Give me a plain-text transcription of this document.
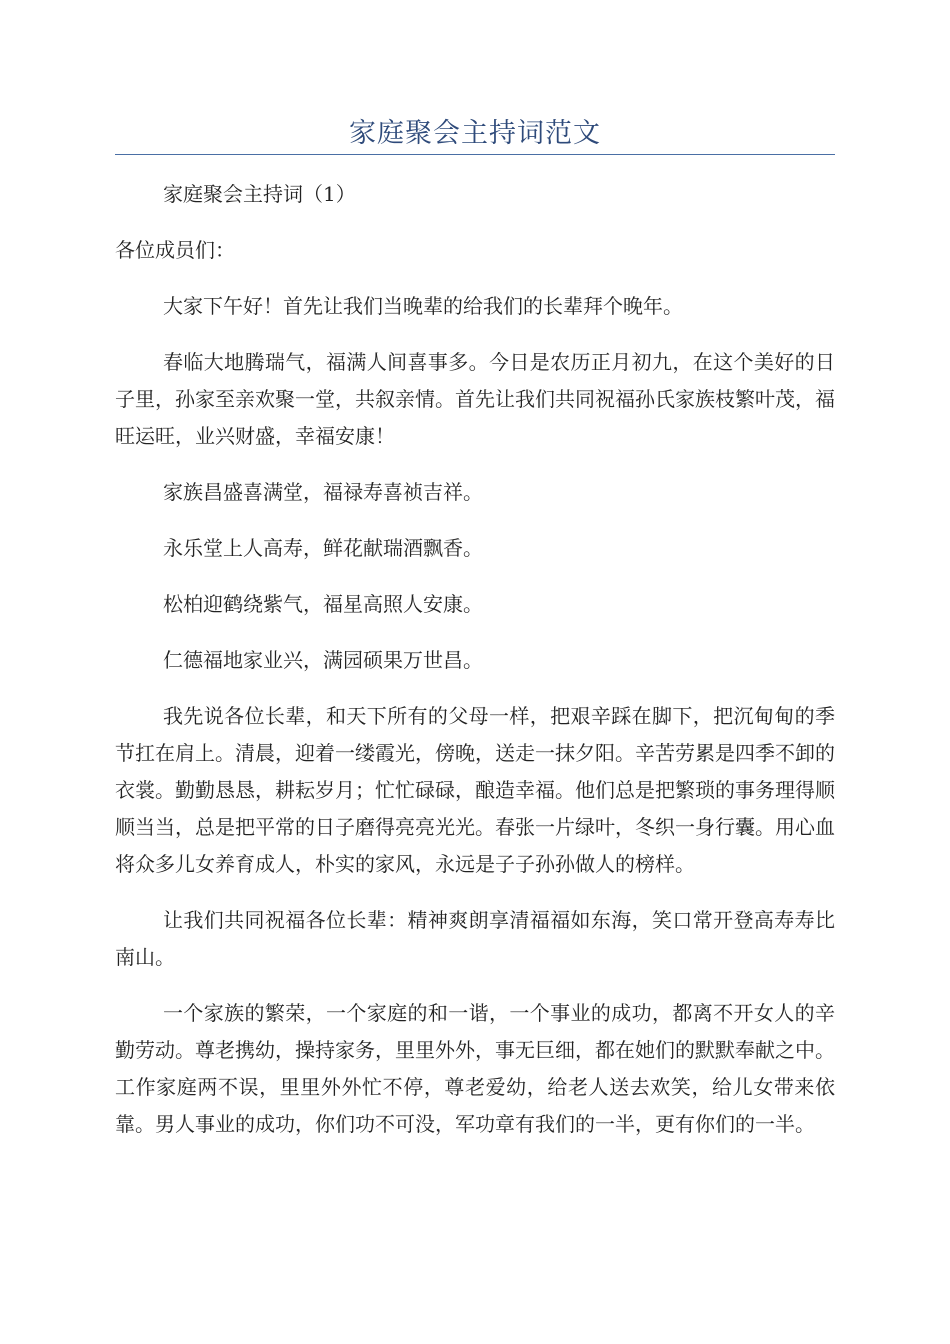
家庭聚会主持词范文

家庭聚会主持词（1）

各位成员们：

大家下午好！首先让我们当晚辈的给我们的长辈拜个晚年。

春临大地腾瑞气，福满人间喜事多。今日是农历正月初九，在这个美好的日子里，孙家至亲欢聚一堂，共叙亲情。首先让我们共同祝福孙氏家族枝繁叶茂，福旺运旺，业兴财盛，幸福安康！

家族昌盛喜满堂，福禄寿喜祯吉祥。

永乐堂上人高寿，鲜花献瑞酒飘香。

松柏迎鹤绕紫气，福星高照人安康。

仁德福地家业兴，满园硕果万世昌。

我先说各位长辈，和天下所有的父母一样，把艰辛踩在脚下，把沉甸甸的季节扛在肩上。清晨，迎着一缕霞光，傍晚，送走一抹夕阳。辛苦劳累是四季不卸的衣裳。勤勤恳恳，耕耘岁月；忙忙碌碌，酿造幸福。他们总是把繁琐的事务理得顺顺当当，总是把平常的日子磨得亮亮光光。春张一片绿叶，冬织一身行囊。用心血将众多儿女养育成人，朴实的家风，永远是子子孙孙做人的榜样。

让我们共同祝福各位长辈：精神爽朗享清福福如东海，笑口常开登高寿寿比南山。

一个家族的繁荣，一个家庭的和一谐，一个事业的成功，都离不开女人的辛勤劳动。尊老携幼，操持家务，里里外外，事无巨细，都在她们的默默奉献之中。工作家庭两不误，里里外外忙不停，尊老爱幼，给老人送去欢笑，给儿女带来依靠。男人事业的成功，你们功不可没，军功章有我们的一半，更有你们的一半。
